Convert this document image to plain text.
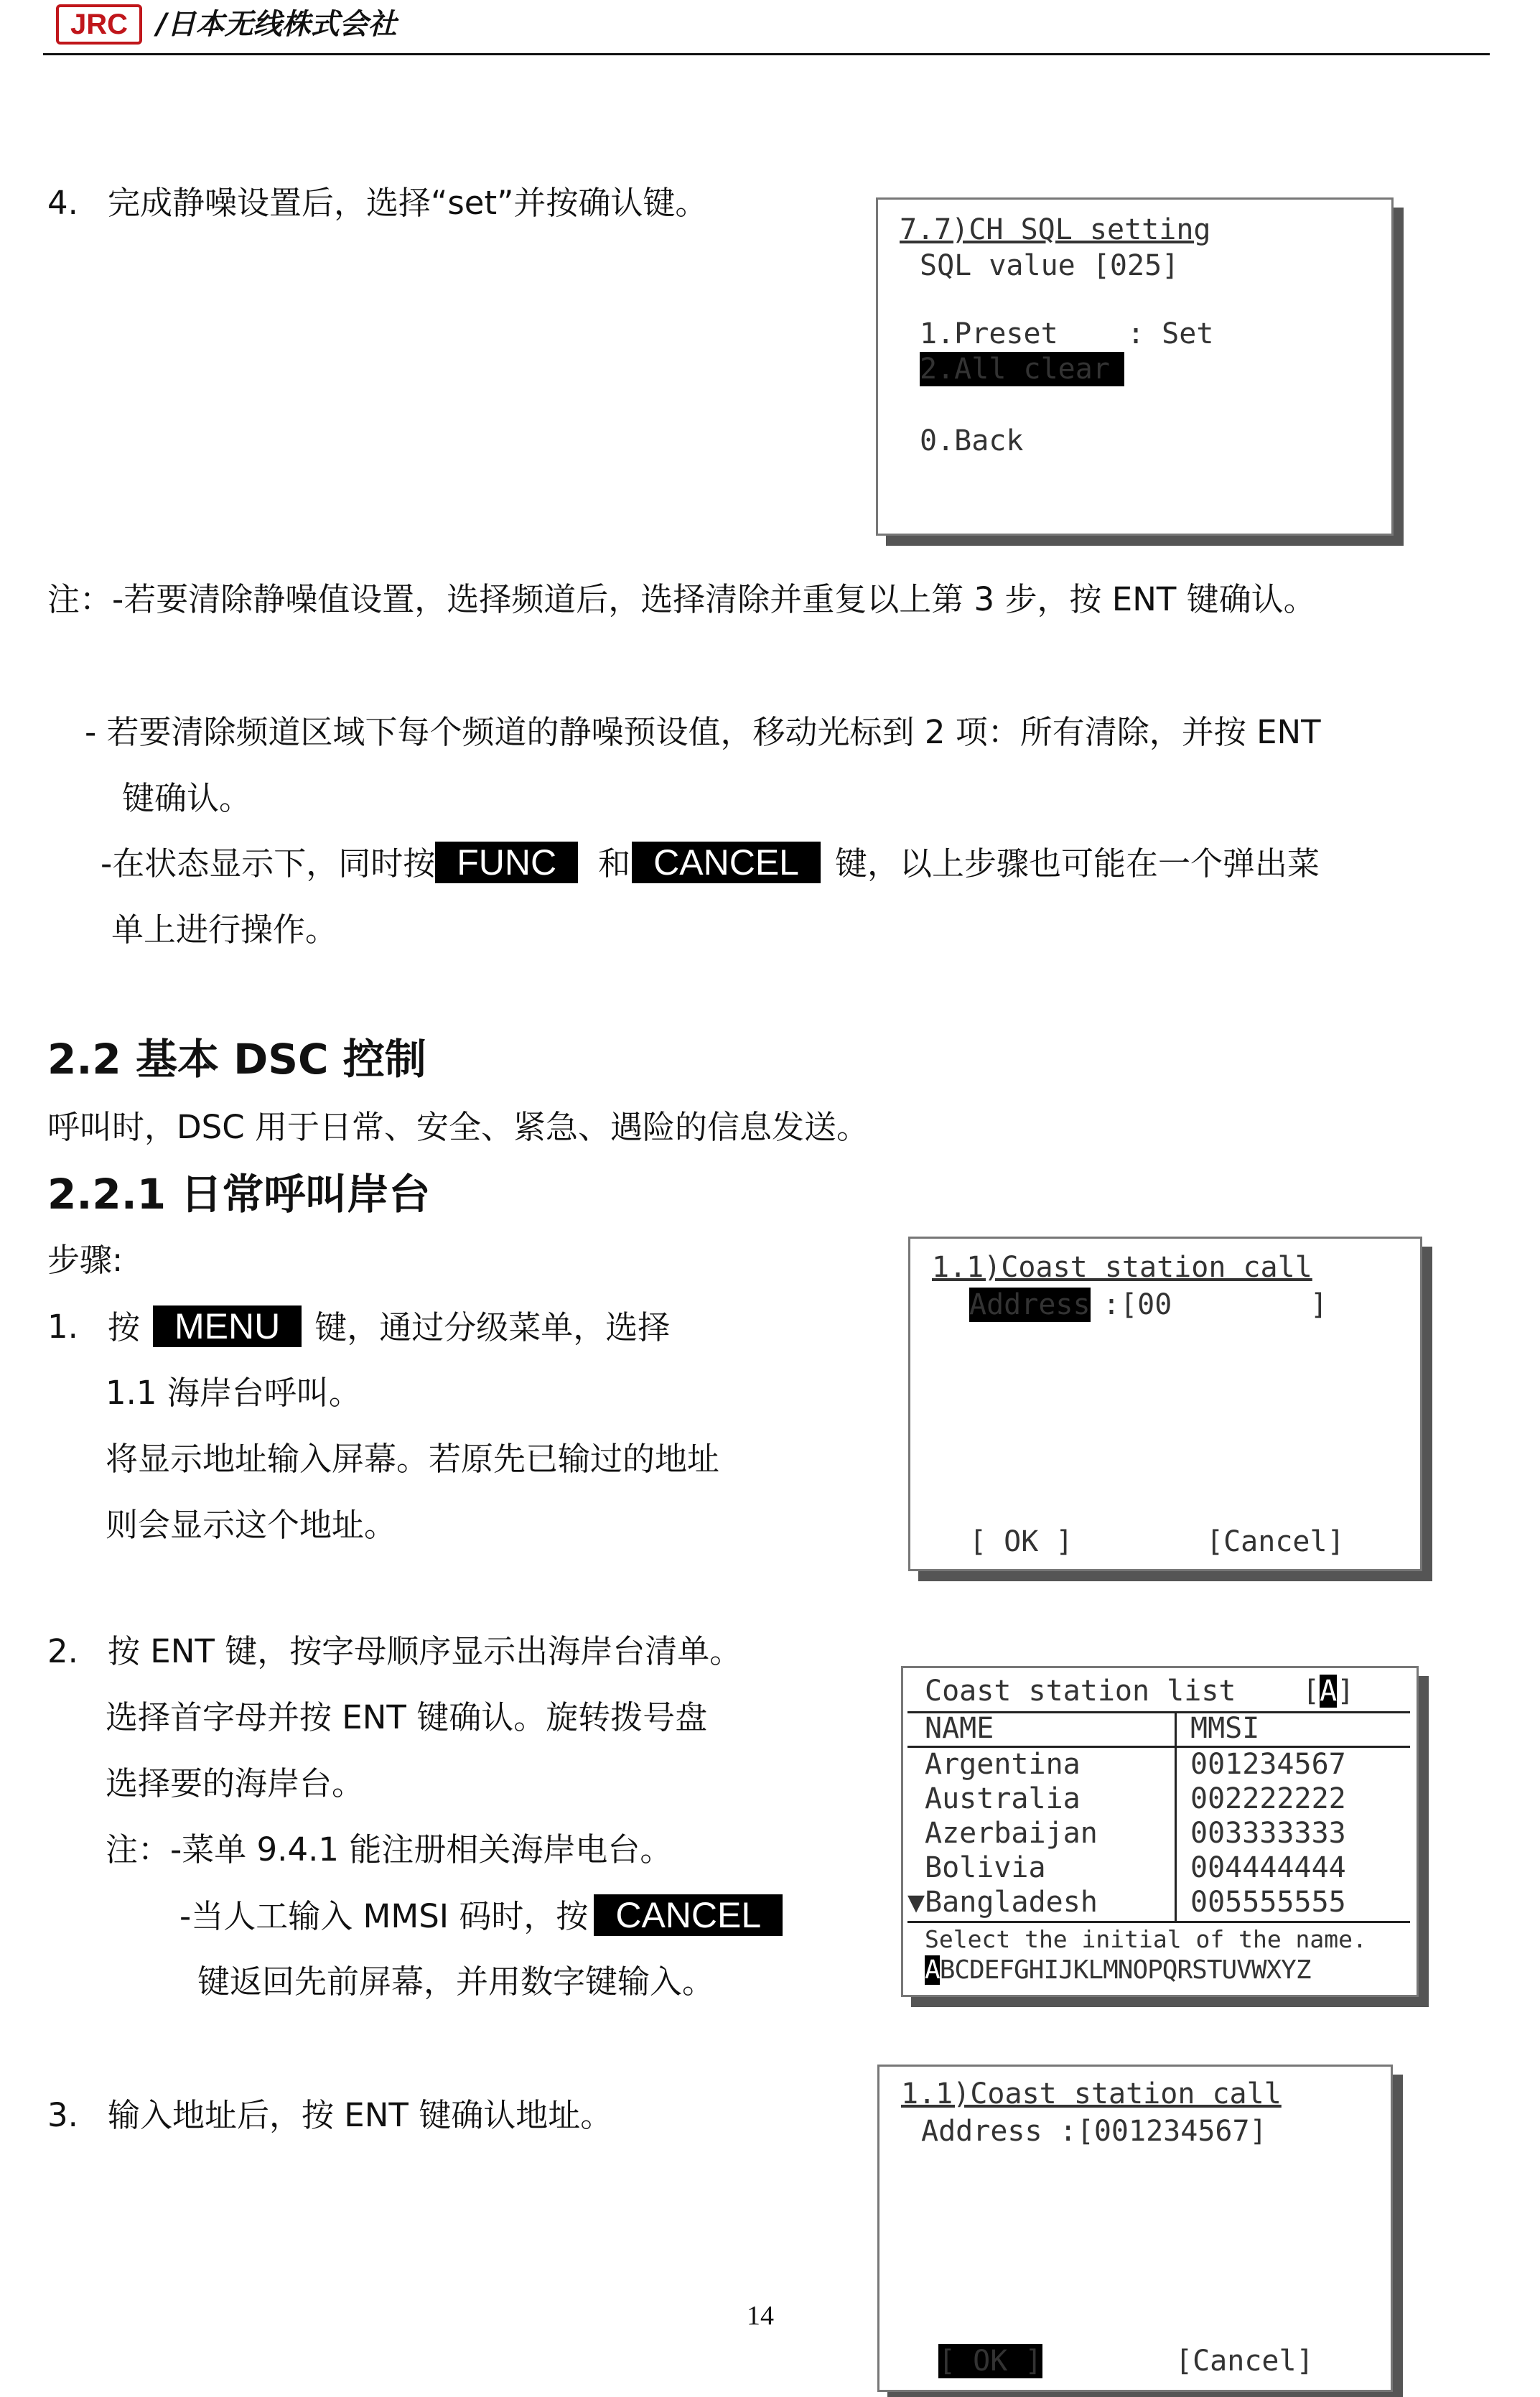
JRC /日本无线株式会社
4. 完成静噪设置后，选择“set”并按确认键。
7.7)CH SQL setting
SQL value [025]
1.Preset    : Set
2.All clear
0.Back
注：-若要清除静噪值设置，选择频道后，选择清除并重复以上第 3 步，按 ENT 键确认。
- 若要清除频道区域下每个频道的静噪预设值，移动光标到 2 项：所有清除，并按 ENT
键确认。
-在状态显示下，同时按 FUNC 和 CANCEL 键，以上步骤也可能在一个弹出菜
单上进行操作。
2.2 基本 DSC 控制
呼叫时，DSC 用于日常、安全、紧急、遇险的信息发送。
2.2.1 日常呼叫岸台
步骤:
1. 按 MENU 键，通过分级菜单，选择
1.1 海岸台呼叫。
将显示地址输入屏幕。若原先已输过的地址
则会显示这个地址。
1.1)Coast station call
Address :[00        ]
[ OK ]	[Cancel]
2. 按 ENT 键，按字母顺序显示出海岸台清单。
选择首字母并按 ENT 键确认。旋转拨号盘
选择要的海岸台。
注：-菜单 9.4.1 能注册相关海岸电台。
-当人工输入 MMSI 码时，按 CANCEL
键返回先前屏幕，并用数字键输入。
Coast station list [A]
NAME	MMSI
Argentina	001234567
Australia	002222222
Azerbaijan	003333333
Bolivia	004444444
▼Bangladesh	005555555
Select the initial of the name.
ABCDEFGHIJKLMNOPQRSTUVWXYZ
3. 输入地址后，按 ENT 键确认地址。
1.1)Coast station call
Address :[001234567]
[ OK ]	[Cancel]
14
